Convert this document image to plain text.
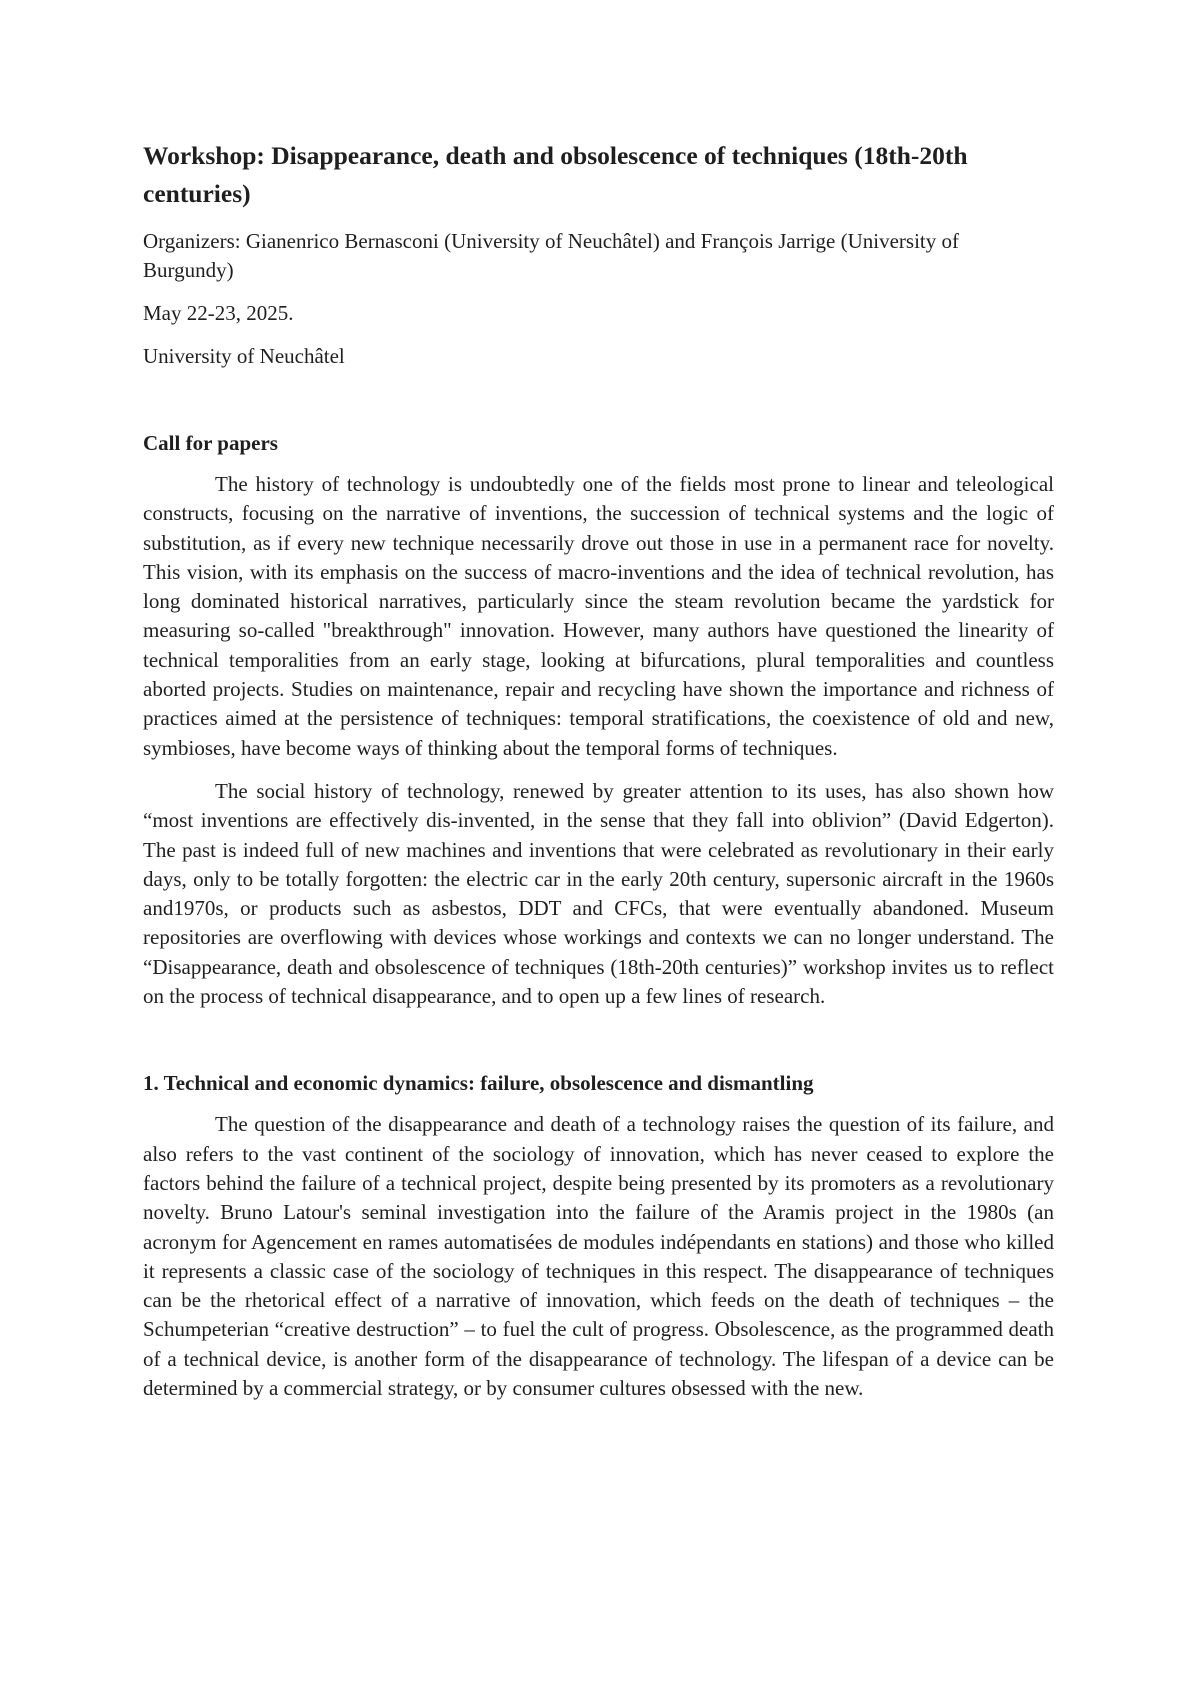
Workshop: Disappearance, death and obsolescence of techniques (18th-20th centuries)

Organizers: Gianenrico Bernasconi (University of Neuchâtel) and François Jarrige (University of Burgundy)

May 22-23, 2025.

University of Neuchâtel

Call for papers

The history of technology is undoubtedly one of the fields most prone to linear and teleological constructs, focusing on the narrative of inventions, the succession of technical systems and the logic of substitution, as if every new technique necessarily drove out those in use in a permanent race for novelty. This vision, with its emphasis on the success of macro-inventions and the idea of technical revolution, has long dominated historical narratives, particularly since the steam revolution became the yardstick for measuring so-called "breakthrough" innovation. However, many authors have questioned the linearity of technical temporalities from an early stage, looking at bifurcations, plural temporalities and countless aborted projects. Studies on maintenance, repair and recycling have shown the importance and richness of practices aimed at the persistence of techniques: temporal stratifications, the coexistence of old and new, symbioses, have become ways of thinking about the temporal forms of techniques.

The social history of technology, renewed by greater attention to its uses, has also shown how “most inventions are effectively dis-invented, in the sense that they fall into oblivion” (David Edgerton). The past is indeed full of new machines and inventions that were celebrated as revolutionary in their early days, only to be totally forgotten: the electric car in the early 20th century, supersonic aircraft in the 1960s and1970s, or products such as asbestos, DDT and CFCs, that were eventually abandoned. Museum repositories are overflowing with devices whose workings and contexts we can no longer understand. The “Disappearance, death and obsolescence of techniques (18th-20th centuries)” workshop invites us to reflect on the process of technical disappearance, and to open up a few lines of research.

1. Technical and economic dynamics: failure, obsolescence and dismantling

The question of the disappearance and death of a technology raises the question of its failure, and also refers to the vast continent of the sociology of innovation, which has never ceased to explore the factors behind the failure of a technical project, despite being presented by its promoters as a revolutionary novelty. Bruno Latour's seminal investigation into the failure of the Aramis project in the 1980s (an acronym for Agencement en rames automatisées de modules indépendants en stations) and those who killed it represents a classic case of the sociology of techniques in this respect. The disappearance of techniques can be the rhetorical effect of a narrative of innovation, which feeds on the death of techniques – the Schumpeterian “creative destruction” – to fuel the cult of progress. Obsolescence, as the programmed death of a technical device, is another form of the disappearance of technology. The lifespan of a device can be determined by a commercial strategy, or by consumer cultures obsessed with the new.
